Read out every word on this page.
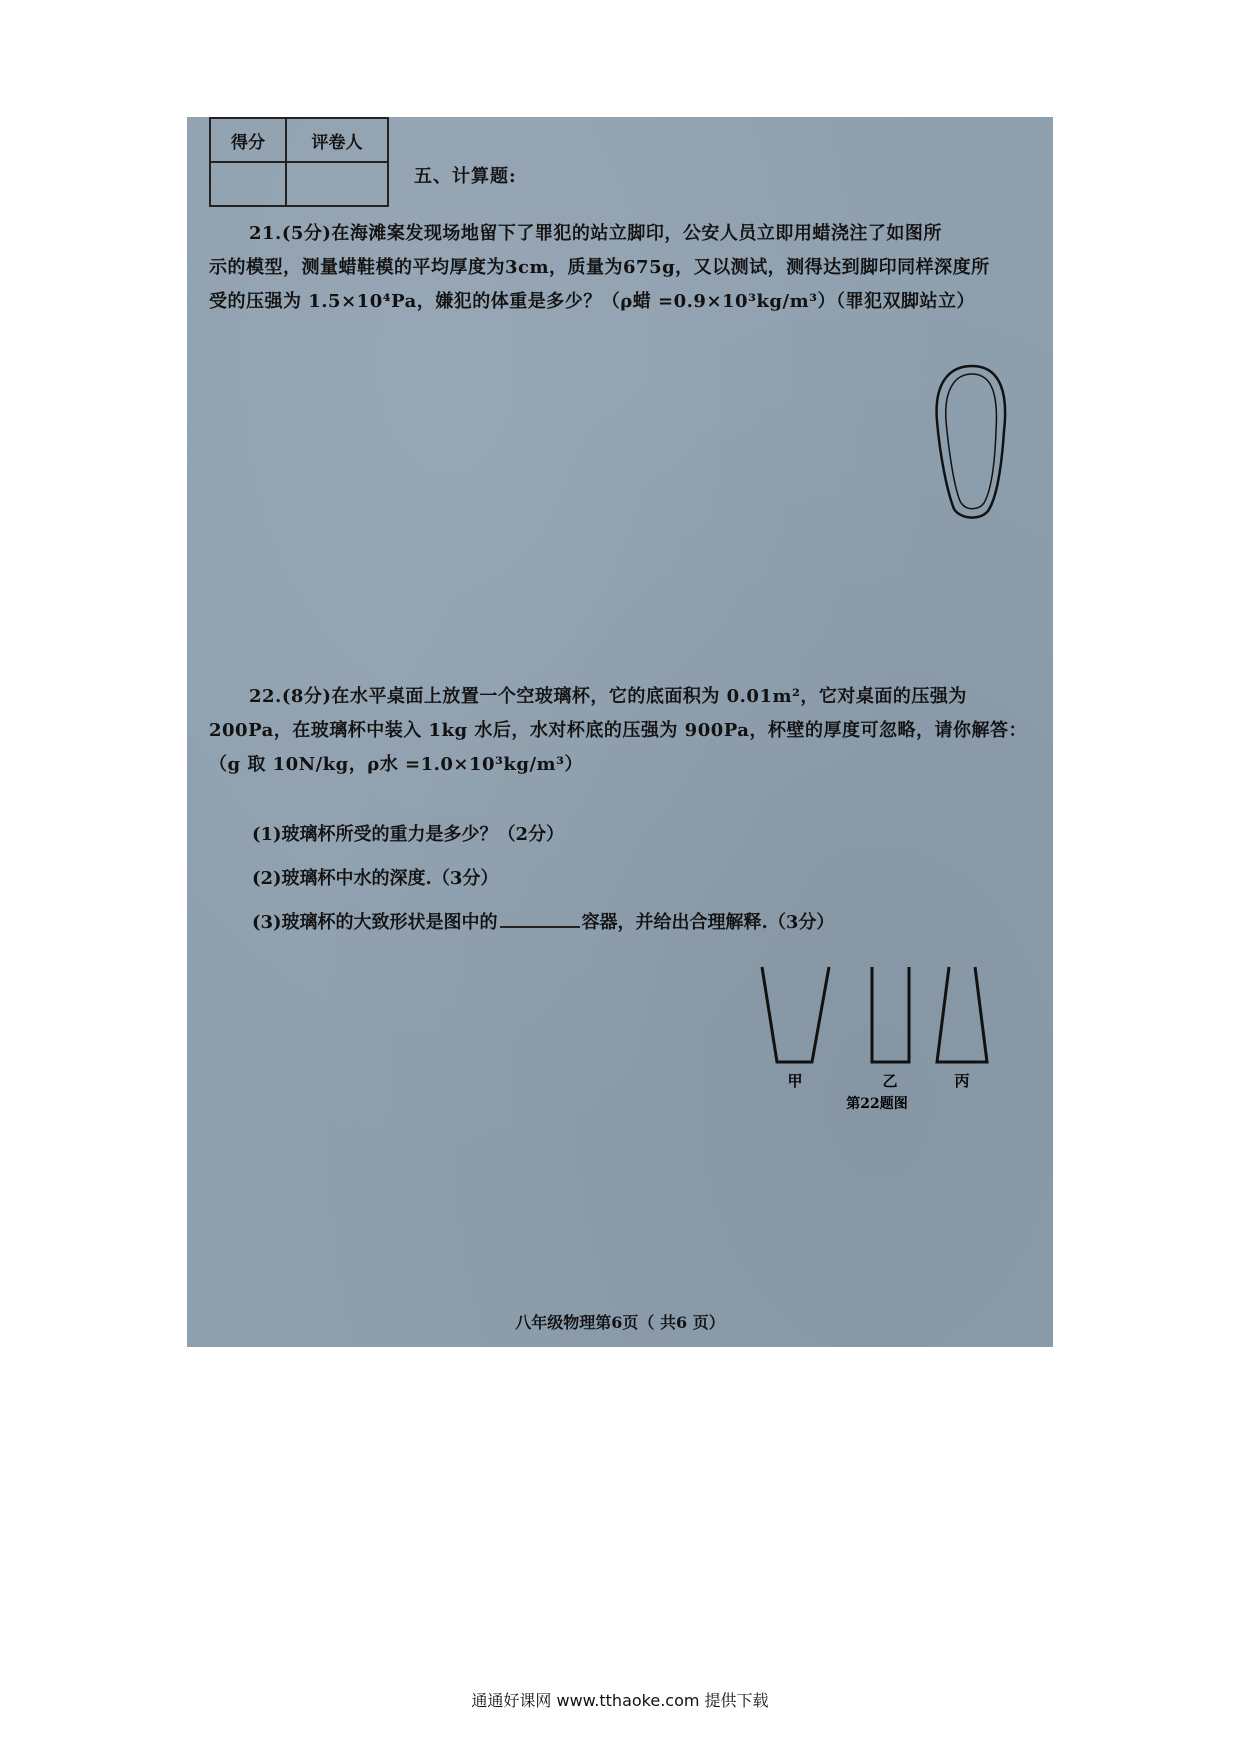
得分	评卷人

五、计算题:

21.(5分)在海滩案发现场地留下了罪犯的站立脚印，公安人员立即用蜡浇注了如图所

示的模型，测量蜡鞋模的平均厚度为3cm，质量为675g，又以测试，测得达到脚印同样深度所

受的压强为 1.5×10⁴Pa，嫌犯的体重是多少？（ρ蜡 =0.9×10³kg/m³）（罪犯双脚站立）

22.(8分)在水平桌面上放置一个空玻璃杯，它的底面积为 0.01m²，它对桌面的压强为

200Pa，在玻璃杯中装入 1kg 水后，水对杯底的压强为 900Pa，杯壁的厚度可忽略，请你解答：

（g 取 10N/kg，ρ水 =1.0×10³kg/m³）

(1)玻璃杯所受的重力是多少？（2分）
(2)玻璃杯中水的深度.（3分）
(3)玻璃杯的大致形状是图中的	容器，并给出合理解释.（3分）
甲	乙	丙
第22题图
八年级物理第6页（ 共6 页）
通通好课网 www.tthaoke.com 提供下载
